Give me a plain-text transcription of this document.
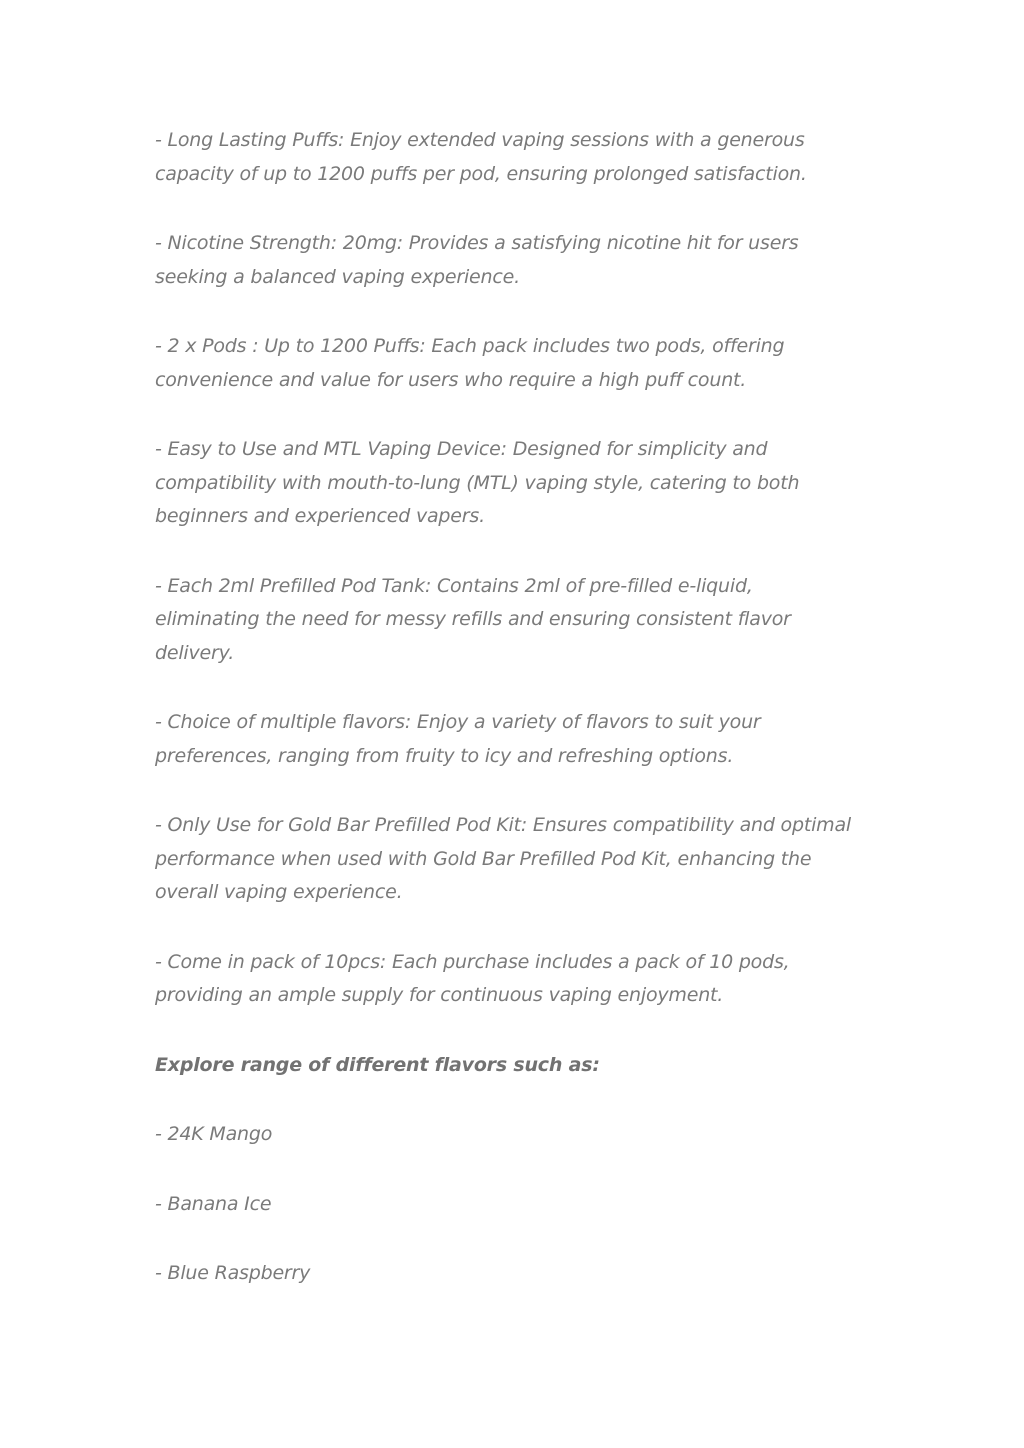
- Long Lasting Puffs: Enjoy extended vaping sessions with a generous capacity of up to 1200 puffs per pod, ensuring prolonged satisfaction.

- Nicotine Strength: 20mg: Provides a satisfying nicotine hit for users seeking a balanced vaping experience.

- 2 x Pods : Up to 1200 Puffs: Each pack includes two pods, offering convenience and value for users who require a high puff count.

- Easy to Use and MTL Vaping Device: Designed for simplicity and compatibility with mouth-to-lung (MTL) vaping style, catering to both beginners and experienced vapers.

- Each 2ml Prefilled Pod Tank: Contains 2ml of pre-filled e-liquid, eliminating the need for messy refills and ensuring consistent flavor delivery.

- Choice of multiple flavors: Enjoy a variety of flavors to suit your preferences, ranging from fruity to icy and refreshing options.

- Only Use for Gold Bar Prefilled Pod Kit: Ensures compatibility and optimal performance when used with Gold Bar Prefilled Pod Kit, enhancing the overall vaping experience.

- Come in pack of 10pcs: Each purchase includes a pack of 10 pods, providing an ample supply for continuous vaping enjoyment.

Explore range of different flavors such as:

- 24K Mango

- Banana Ice

- Blue Raspberry
